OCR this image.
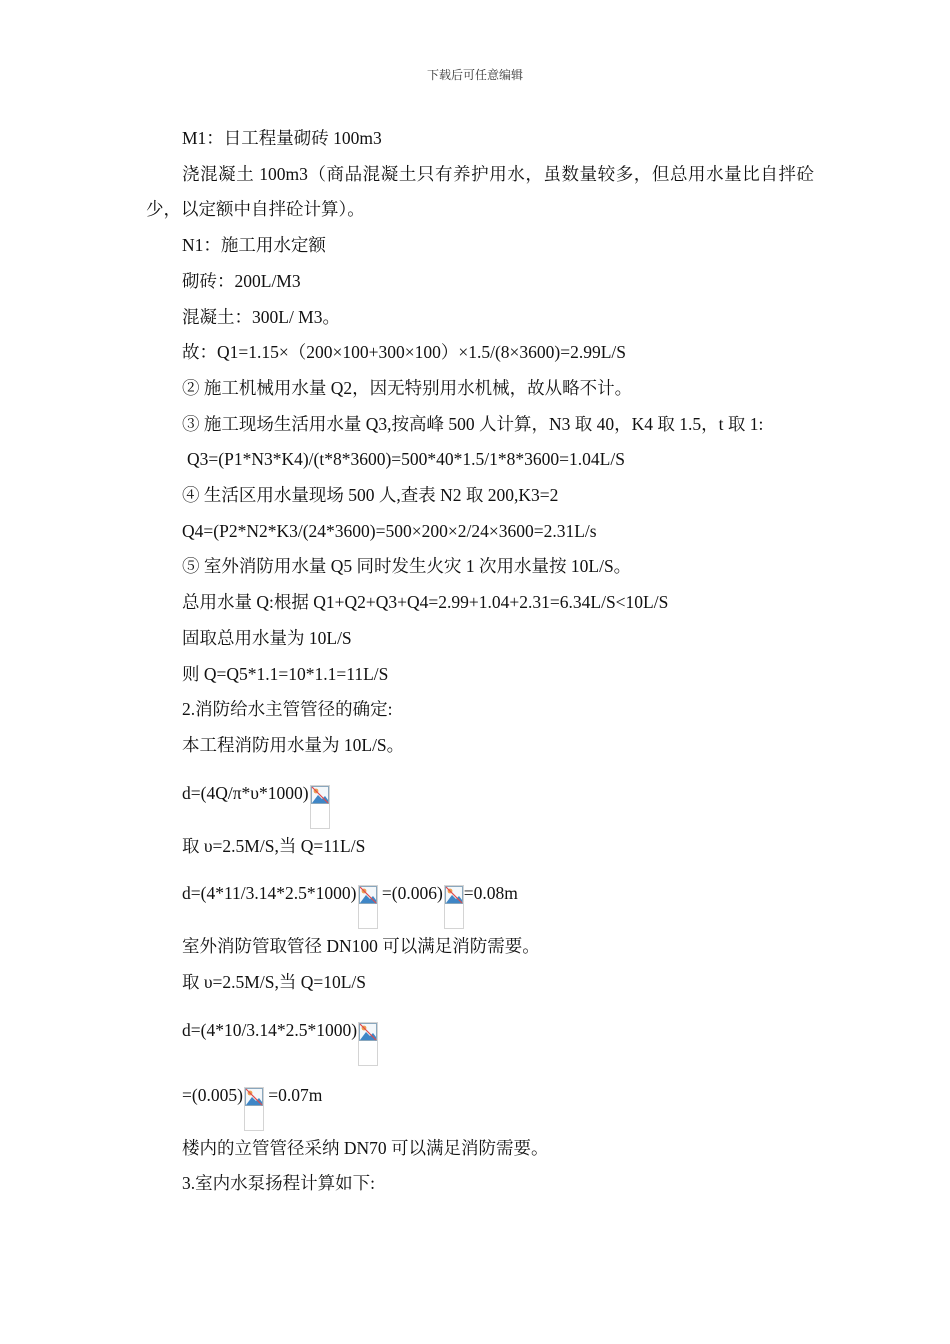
下载后可任意编辑

M1：日工程量砌砖 100m3

浇混凝土 100m3（商品混凝土只有养护用水，虽数量较多，但总用水量比自拌砼少，以定额中自拌砼计算）。

N1：施工用水定额

砌砖：200L/M3

混凝土：300L/ M3。

故：Q1=1.15×（200×100+300×100）×1.5/(8×3600)=2.99L/S

② 施工机械用水量 Q2，因无特别用水机械，故从略不计。

③ 施工现场生活用水量 Q3,按高峰 500 人计算，N3 取 40，K4 取 1.5，t 取 1:

Q3=(P1*N3*K4)/(t*8*3600)=500*40*1.5/1*8*3600=1.04L/S

④ 生活区用水量现场 500 人,查表 N2 取 200,K3=2

Q4=(P2*N2*K3/(24*3600)=500×200×2/24×3600=2.31L/s

⑤ 室外消防用水量 Q5 同时发生火灾 1 次用水量按 10L/S。

总用水量 Q:根据 Q1+Q2+Q3+Q4=2.99+1.04+2.31=6.34L/S<10L/S

固取总用水量为 10L/S

则 Q=Q5*1.1=10*1.1=11L/S

2.消防给水主管管径的确定:

本工程消防用水量为 10L/S。

d=(4Q/π*υ*1000)

取 υ=2.5M/S,当 Q=11L/S

d=(4*11/3.14*2.5*1000) =(0.006) =0.08m

室外消防管取管径 DN100 可以满足消防需要。

取 υ=2.5M/S,当 Q=10L/S

d=(4*10/3.14*2.5*1000)

=(0.005) =0.07m

楼内的立管管径采纳 DN70 可以满足消防需要。

3.室内水泵扬程计算如下:
